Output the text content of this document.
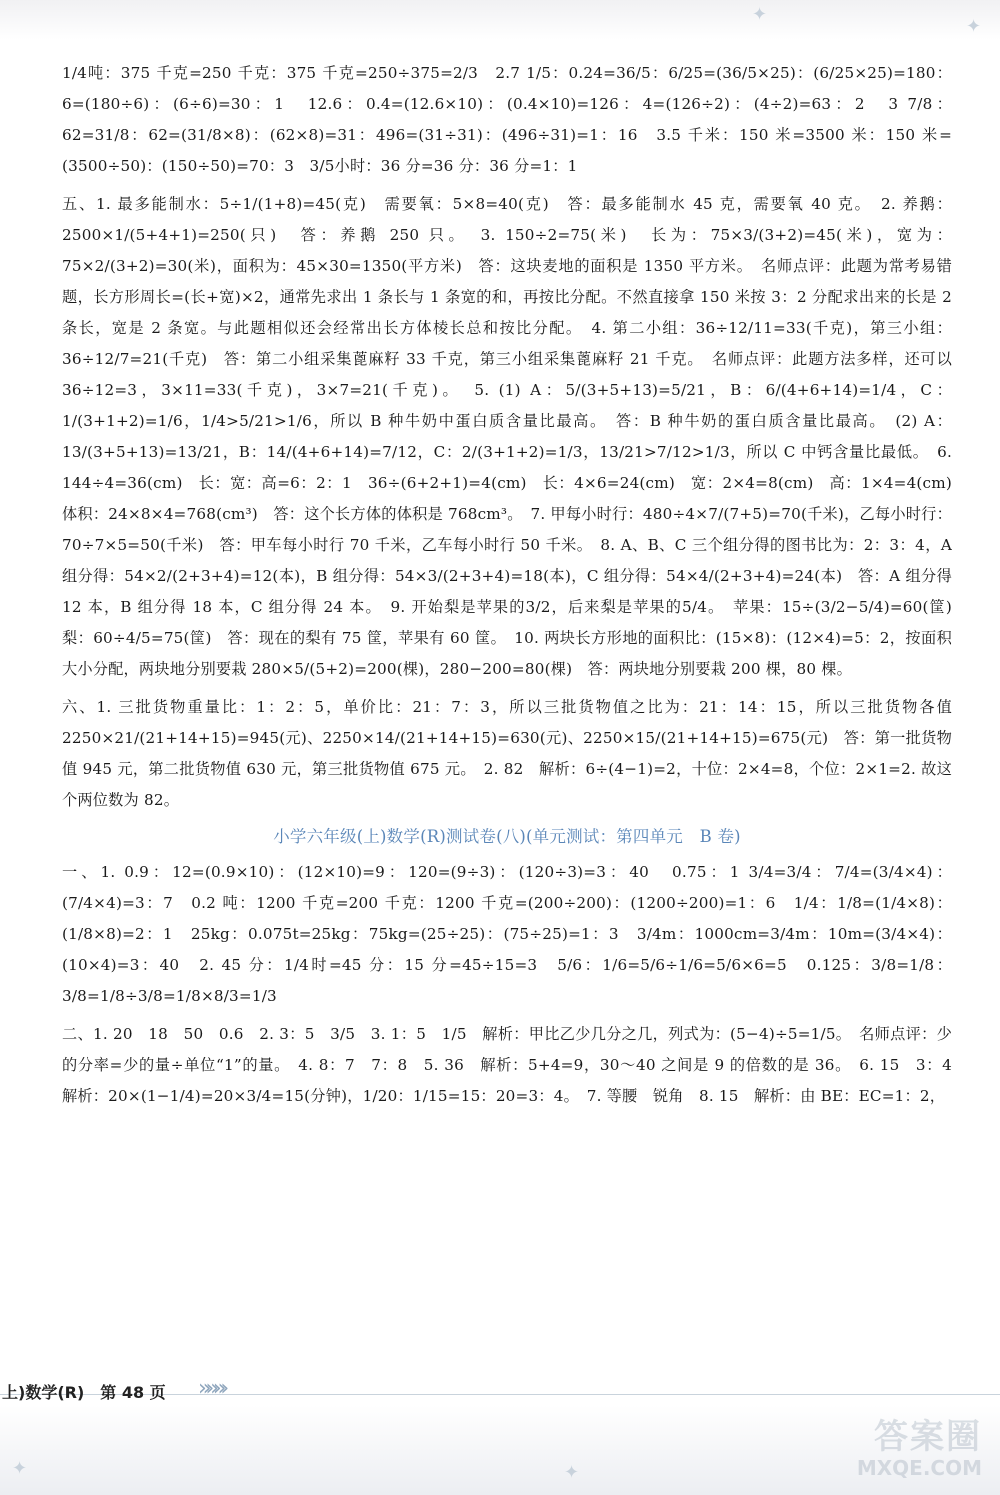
✦
✦
✦	✦

1/4吨：375 千克=250 千克：375 千克=250÷375=2/3　2.7 1/5：0.24=36/5：6/25=(36/5×25)：(6/25×25)=180：6=(180÷6)：(6÷6)=30：1　12.6：0.4=(12.6×10)：(0.4×10)=126：4=(126÷2)：(4÷2)=63：2　3 7/8：62=31/8：62=(31/8×8)：(62×8)=31：496=(31÷31)：(496÷31)=1：16　3.5 千米：150 米=3500 米：150 米=(3500÷50)：(150÷50)=70：3　3/5小时：36 分=36 分：36 分=1：1

五、1. 最多能制水：5÷1/(1+8)=45(克)　需要氧：5×8=40(克)　答：最多能制水 45 克，需要氧 40 克。　2. 养鹅：2500×1/(5+4+1)=250(只)　答：养鹅 250 只。　3. 150÷2=75(米)　长为：75×3/(3+2)=45(米)，宽为：75×2/(3+2)=30(米)，面积为：45×30=1350(平方米)　答：这块麦地的面积是 1350 平方米。　名师点评：此题为常考易错题，长方形周长=(长+宽)×2，通常先求出 1 条长与 1 条宽的和，再按比分配。不然直接拿 150 米按 3：2 分配求出来的长是 2 条长，宽是 2 条宽。与此题相似还会经常出长方体棱长总和按比分配。　4. 第二小组：36÷12/11=33(千克)，第三小组：36÷12/7=21(千克)　答：第二小组采集蓖麻籽 33 千克，第三小组采集蓖麻籽 21 千克。　名师点评：此题方法多样，还可以 36÷12=3，3×11=33(千克)，3×7=21(千克)。　5. (1) A：5/(3+5+13)=5/21，B：6/(4+6+14)=1/4，C：1/(3+1+2)=1/6，1/4>5/21>1/6，所以 B 种牛奶中蛋白质含量比最高。　答：B 种牛奶的蛋白质含量比最高。　(2) A：13/(3+5+13)=13/21，B：14/(4+6+14)=7/12，C：2/(3+1+2)=1/3，13/21>7/12>1/3，所以 C 中钙含量比最低。　6. 144÷4=36(cm)　长：宽：高=6：2：1　36÷(6+2+1)=4(cm)　长：4×6=24(cm)　宽：2×4=8(cm)　高：1×4=4(cm)　体积：24×8×4=768(cm³)　答：这个长方体的体积是 768cm³。　7. 甲每小时行：480÷4×7/(7+5)=70(千米)，乙每小时行：70÷7×5=50(千米)　答：甲车每小时行 70 千米，乙车每小时行 50 千米。　8. A、B、C 三个组分得的图书比为：2：3：4，A 组分得：54×2/(2+3+4)=12(本)，B 组分得：54×3/(2+3+4)=18(本)，C 组分得：54×4/(2+3+4)=24(本)　答：A 组分得 12 本，B 组分得 18 本，C 组分得 24 本。　9. 开始梨是苹果的3/2，后来梨是苹果的5/4。　苹果：15÷(3/2−5/4)=60(筐)　梨：60÷4/5=75(筐)　答：现在的梨有 75 筐，苹果有 60 筐。　10. 两块长方形地的面积比：(15×8)：(12×4)=5：2，按面积大小分配，两块地分别要栽 280×5/(5+2)=200(棵)，280−200=80(棵)　答：两块地分别要栽 200 棵，80 棵。

六、1. 三批货物重量比：1：2：5，单价比：21：7：3，所以三批货物值之比为：21：14：15，所以三批货物各值 2250×21/(21+14+15)=945(元)、2250×14/(21+14+15)=630(元)、2250×15/(21+14+15)=675(元)　答：第一批货物值 945 元，第二批货物值 630 元，第三批货物值 675 元。　2. 82　解析：6÷(4−1)=2，十位：2×4=8，个位：2×1=2. 故这个两位数为 82。

小学六年级(上)数学(R)测试卷(八)(单元测试：第四单元　B 卷)

一、1. 0.9：12=(0.9×10)：(12×10)=9：120=(9÷3)：(120÷3)=3：40　0.75：1 3/4=3/4：7/4=(3/4×4)：(7/4×4)=3：7　0.2 吨：1200 千克=200 千克：1200 千克=(200÷200)：(1200÷200)=1：6　1/4：1/8=(1/4×8)：(1/8×8)=2：1　25kg：0.075t=25kg：75kg=(25÷25)：(75÷25)=1：3　3/4m：1000cm=3/4m：10m=(3/4×4)：(10×4)=3：40　2. 45 分：1/4时=45 分：15 分=45÷15=3　5/6：1/6=5/6÷1/6=5/6×6=5　0.125：3/8=1/8：3/8=1/8÷3/8=1/8×8/3=1/3

二、1. 20　18　50　0.6　2. 3：5　3/5　3. 1：5　1/5　解析：甲比乙少几分之几，列式为：(5−4)÷5=1/5。　名师点评：少的分率=少的量÷单位“1”的量。　4. 8：7　7：8　5. 36　解析：5+4=9，30～40 之间是 9 的倍数的是 36。　6. 15　3：4　解析：20×(1−1/4)=20×3/4=15(分钟)，1/20：1/15=15：20=3：4。　7. 等腰　锐角　8. 15　解析：由 BE：EC=1：2，

上)数学(R)　第 48 页 »»»›
答案圈
MXQE.COM
